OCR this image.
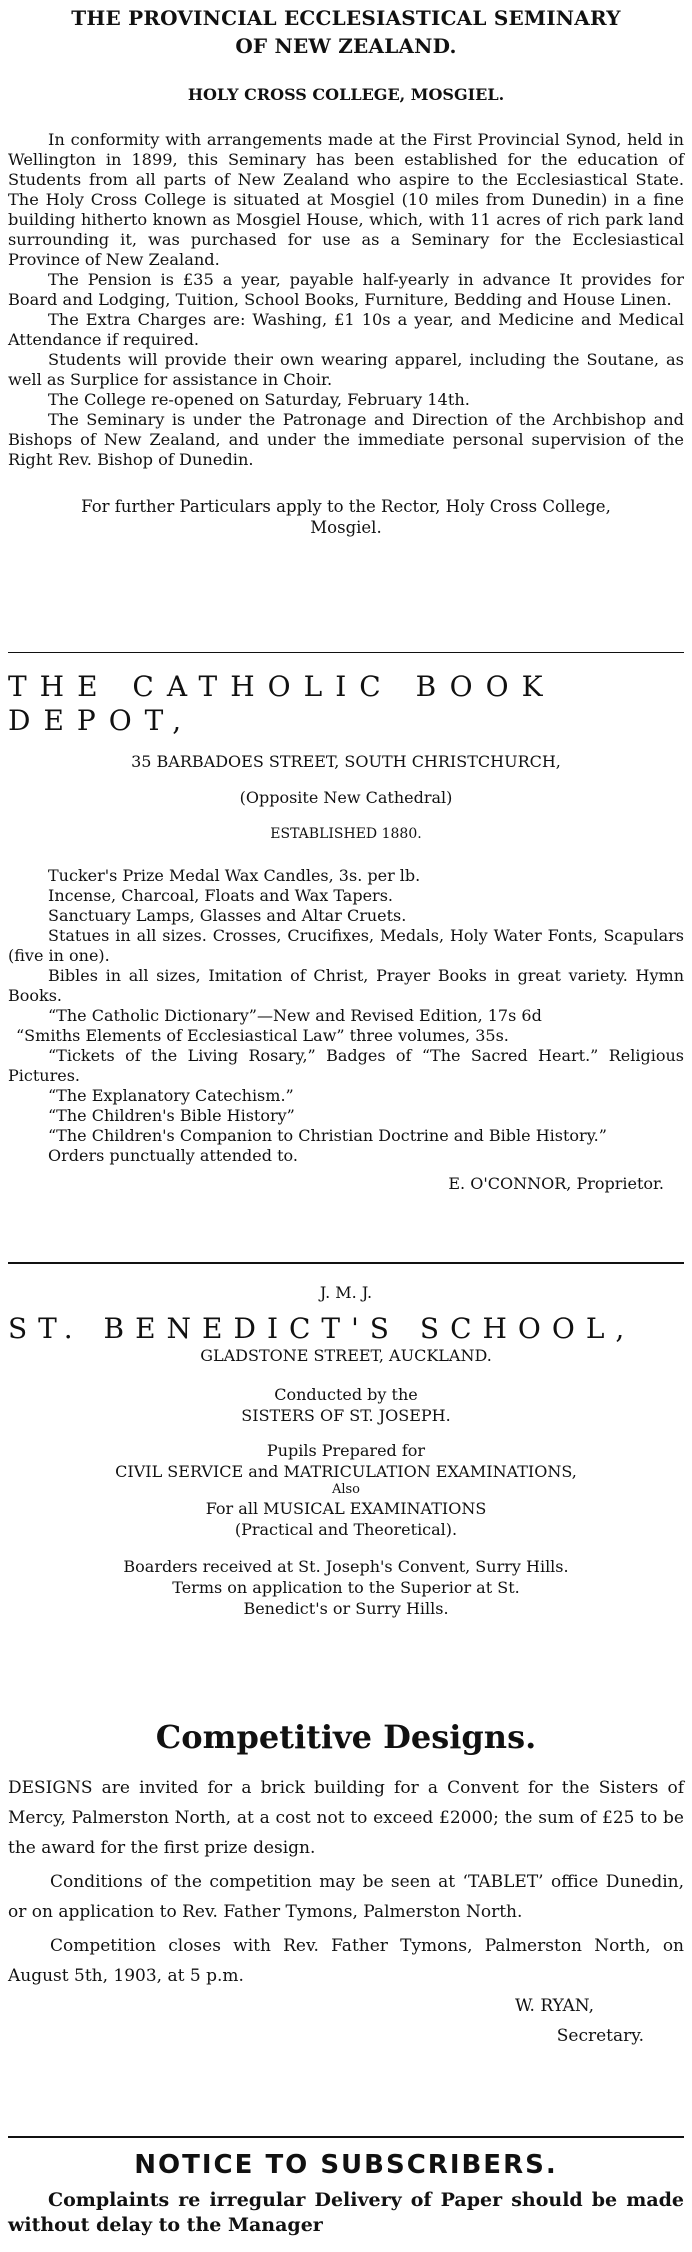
THE PROVINCIAL ECCLESIASTICAL SEMINARY

OF NEW ZEALAND.

HOLY CROSS COLLEGE, MOSGIEL.

In conformity with arrangements made at the First Provincial Synod, held in Wellington in 1899, this Seminary has been established for the education of Students from all parts of New Zealand who aspire to the Ecclesiastical State. The Holy Cross College is situated at Mosgiel (10 miles from Dunedin) in a fine building hitherto known as Mosgiel House, which, with 11 acres of rich park land surrounding it, was purchased for use as a Seminary for the Ecclesiastical Province of New Zealand.

The Pension is £35 a year, payable half-yearly in advance It provides for Board and Lodging, Tuition, School Books, Furniture, Bedding and House Linen.

The Extra Charges are: Washing, £1 10s a year, and Medicine and Medical Attendance if required.

Students will provide their own wearing apparel, including the Soutane, as well as Surplice for assistance in Choir.

The College re-opened on Saturday, February 14th.

The Seminary is under the Patronage and Direction of the Archbishop and Bishops of New Zealand, and under the immediate personal supervision of the Right Rev. Bishop of Dunedin.

For further Particulars apply to the Rector, Holy Cross College, Mosgiel.

THE CATHOLIC BOOK DEPOT,

35 BARBADOES STREET, SOUTH CHRISTCHURCH,

(Opposite New Cathedral)

ESTABLISHED 1880.

Tucker's Prize Medal Wax Candles, 3s. per lb.

Incense, Charcoal, Floats and Wax Tapers.

Sanctuary Lamps, Glasses and Altar Cruets.

Statues in all sizes. Crosses, Crucifixes, Medals, Holy Water Fonts, Scapulars (five in one).

Bibles in all sizes, Imitation of Christ, Prayer Books in great variety. Hymn Books.

“The Catholic Dictionary”—New and Revised Edition, 17s 6d

“Smiths Elements of Ecclesiastical Law” three volumes, 35s.

“Tickets of the Living Rosary,” Badges of “The Sacred Heart.” Religious Pictures.

“The Explanatory Catechism.”

“The Children's Bible History”

“The Children's Companion to Christian Doctrine and Bible History.”

Orders punctually attended to.

E. O'CONNOR, Proprietor.

J. M. J.

ST. BENEDICT'S SCHOOL,

GLADSTONE STREET, AUCKLAND.

Conducted by the

SISTERS OF ST. JOSEPH.

Pupils Prepared for

CIVIL SERVICE and MATRICULATION EXAMINATIONS,

Also

For all MUSICAL EXAMINATIONS

(Practical and Theoretical).

Boarders received at St. Joseph's Convent, Surry Hills.

Terms on application to the Superior at St.

Benedict's or Surry Hills.

Competitive Designs.

DESIGNS are invited for a brick building for a Convent for the Sisters of Mercy, Palmerston North, at a cost not to exceed £2000; the sum of £25 to be the award for the first prize design.

Conditions of the competition may be seen at ‘TABLET’ office Dunedin, or on application to Rev. Father Tymons, Palmerston North.

Competition closes with Rev. Father Tymons, Palmerston North, on August 5th, 1903, at 5 p.m.

W. RYAN,

Secretary.

NOTICE TO SUBSCRIBERS.

Complaints re irregular Delivery of Paper should be made without delay to the Manager
